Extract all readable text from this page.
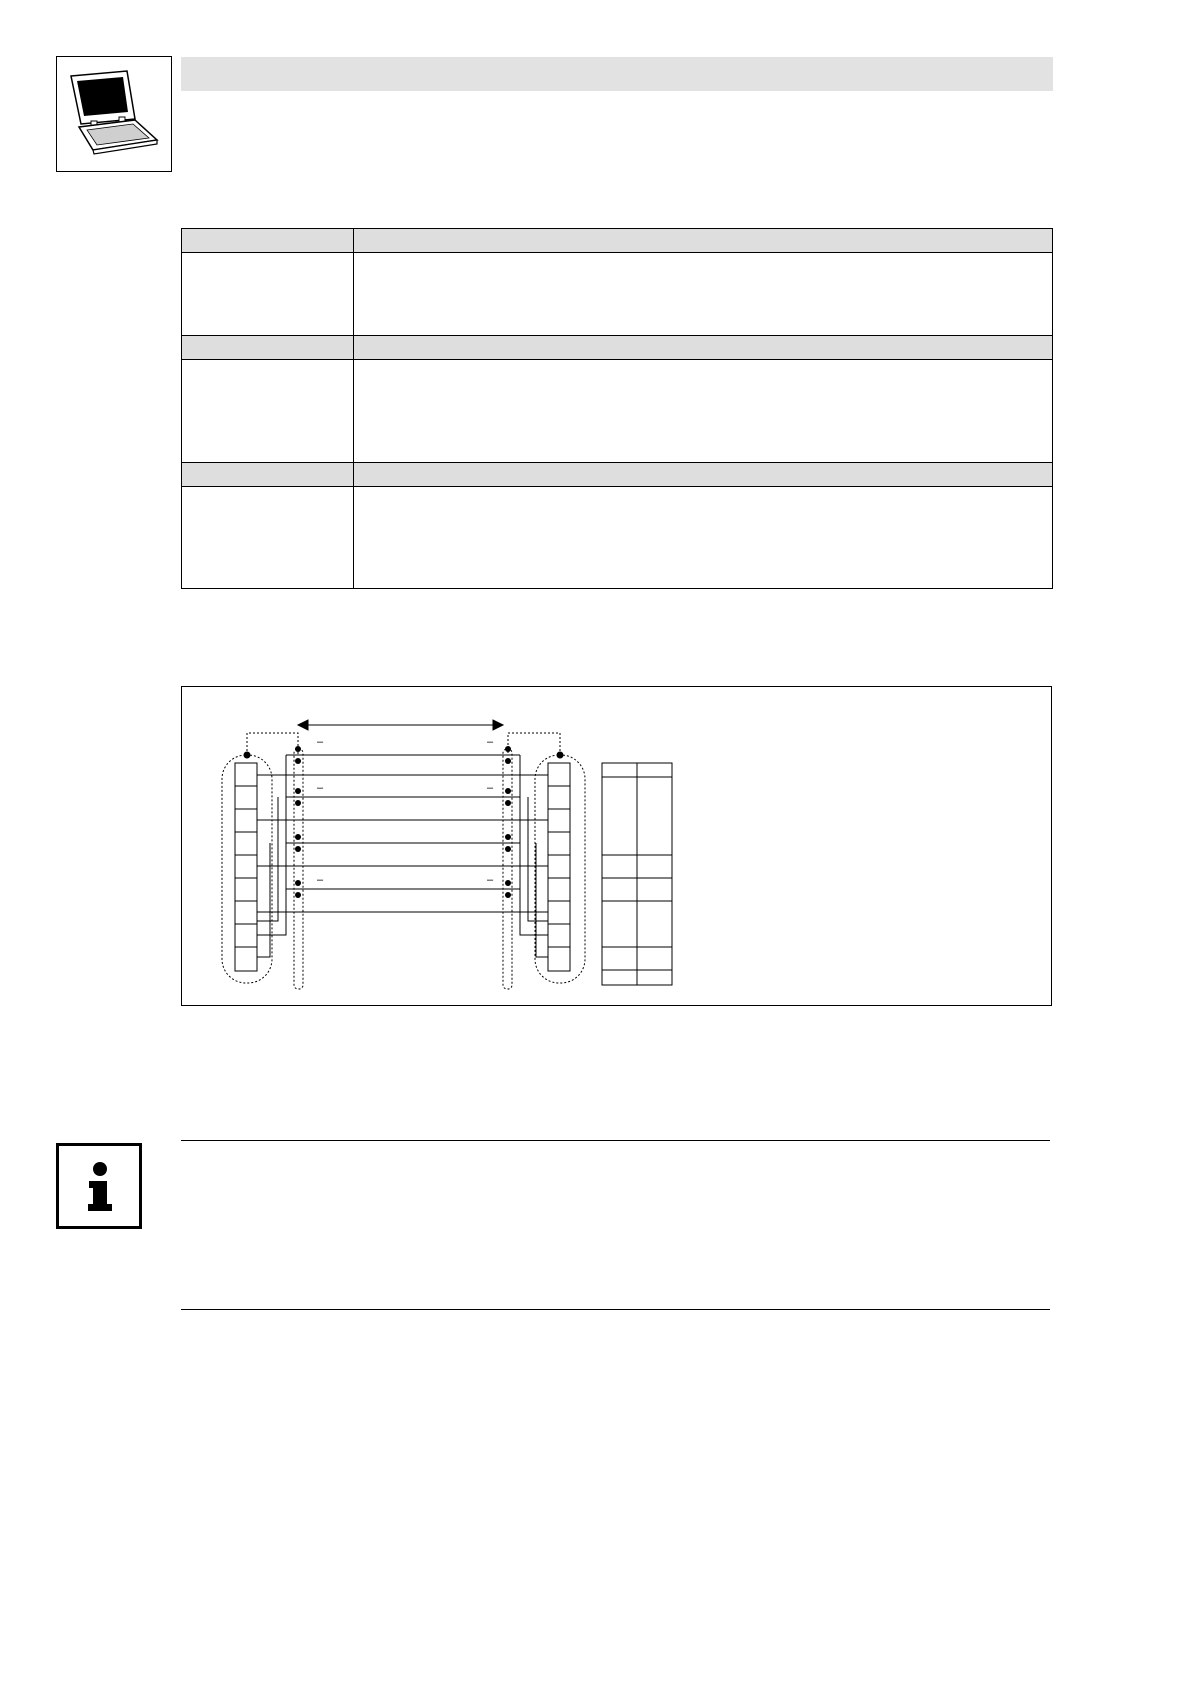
–	–
–	–
–	–
